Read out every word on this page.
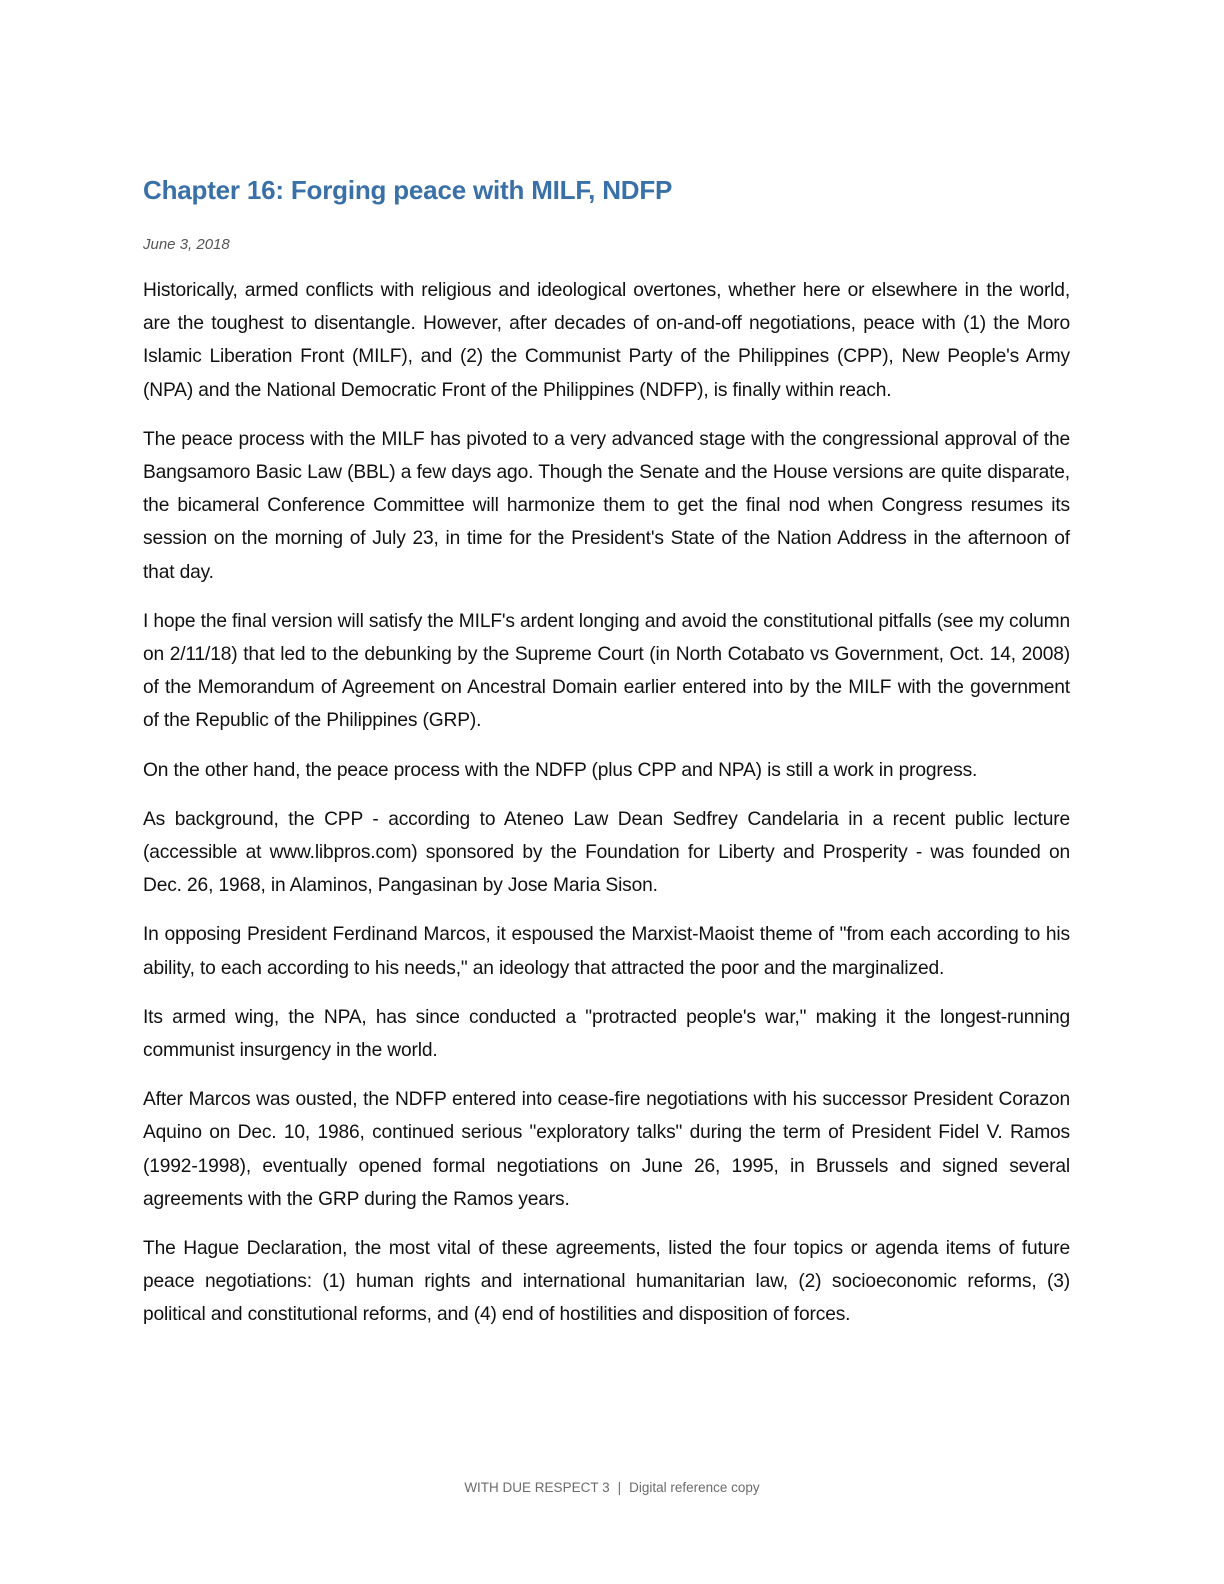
Chapter 16: Forging peace with MILF, NDFP
June 3, 2018

Historically, armed conflicts with religious and ideological overtones, whether here or elsewhere in the world, are the toughest to disentangle. However, after decades of on-and-off negotiations, peace with (1) the Moro Islamic Liberation Front (MILF), and (2) the Communist Party of the Philippines (CPP), New People's Army (NPA) and the National Democratic Front of the Philippines (NDFP), is finally within reach.

The peace process with the MILF has pivoted to a very advanced stage with the congressional approval of the Bangsamoro Basic Law (BBL) a few days ago. Though the Senate and the House versions are quite disparate, the bicameral Conference Committee will harmonize them to get the final nod when Congress resumes its session on the morning of July 23, in time for the President's State of the Nation Address in the afternoon of that day.

I hope the final version will satisfy the MILF's ardent longing and avoid the constitutional pitfalls (see my column on 2/11/18) that led to the debunking by the Supreme Court (in North Cotabato vs Government, Oct. 14, 2008) of the Memorandum of Agreement on Ancestral Domain earlier entered into by the MILF with the government of the Republic of the Philippines (GRP).

On the other hand, the peace process with the NDFP (plus CPP and NPA) is still a work in progress.

As background, the CPP - according to Ateneo Law Dean Sedfrey Candelaria in a recent public lecture (accessible at www.libpros.com) sponsored by the Foundation for Liberty and Prosperity - was founded on Dec. 26, 1968, in Alaminos, Pangasinan by Jose Maria Sison.

In opposing President Ferdinand Marcos, it espoused the Marxist-Maoist theme of "from each according to his ability, to each according to his needs," an ideology that attracted the poor and the marginalized.

Its armed wing, the NPA, has since conducted a "protracted people's war," making it the longest-running communist insurgency in the world.

After Marcos was ousted, the NDFP entered into cease-fire negotiations with his successor President Corazon Aquino on Dec. 10, 1986, continued serious "exploratory talks" during the term of President Fidel V. Ramos (1992-1998), eventually opened formal negotiations on June 26, 1995, in Brussels and signed several agreements with the GRP during the Ramos years.

The Hague Declaration, the most vital of these agreements, listed the four topics or agenda items of future peace negotiations: (1) human rights and international humanitarian law, (2) socioeconomic reforms, (3) political and constitutional reforms, and (4) end of hostilities and disposition of forces.

WITH DUE RESPECT 3 | Digital reference copy
